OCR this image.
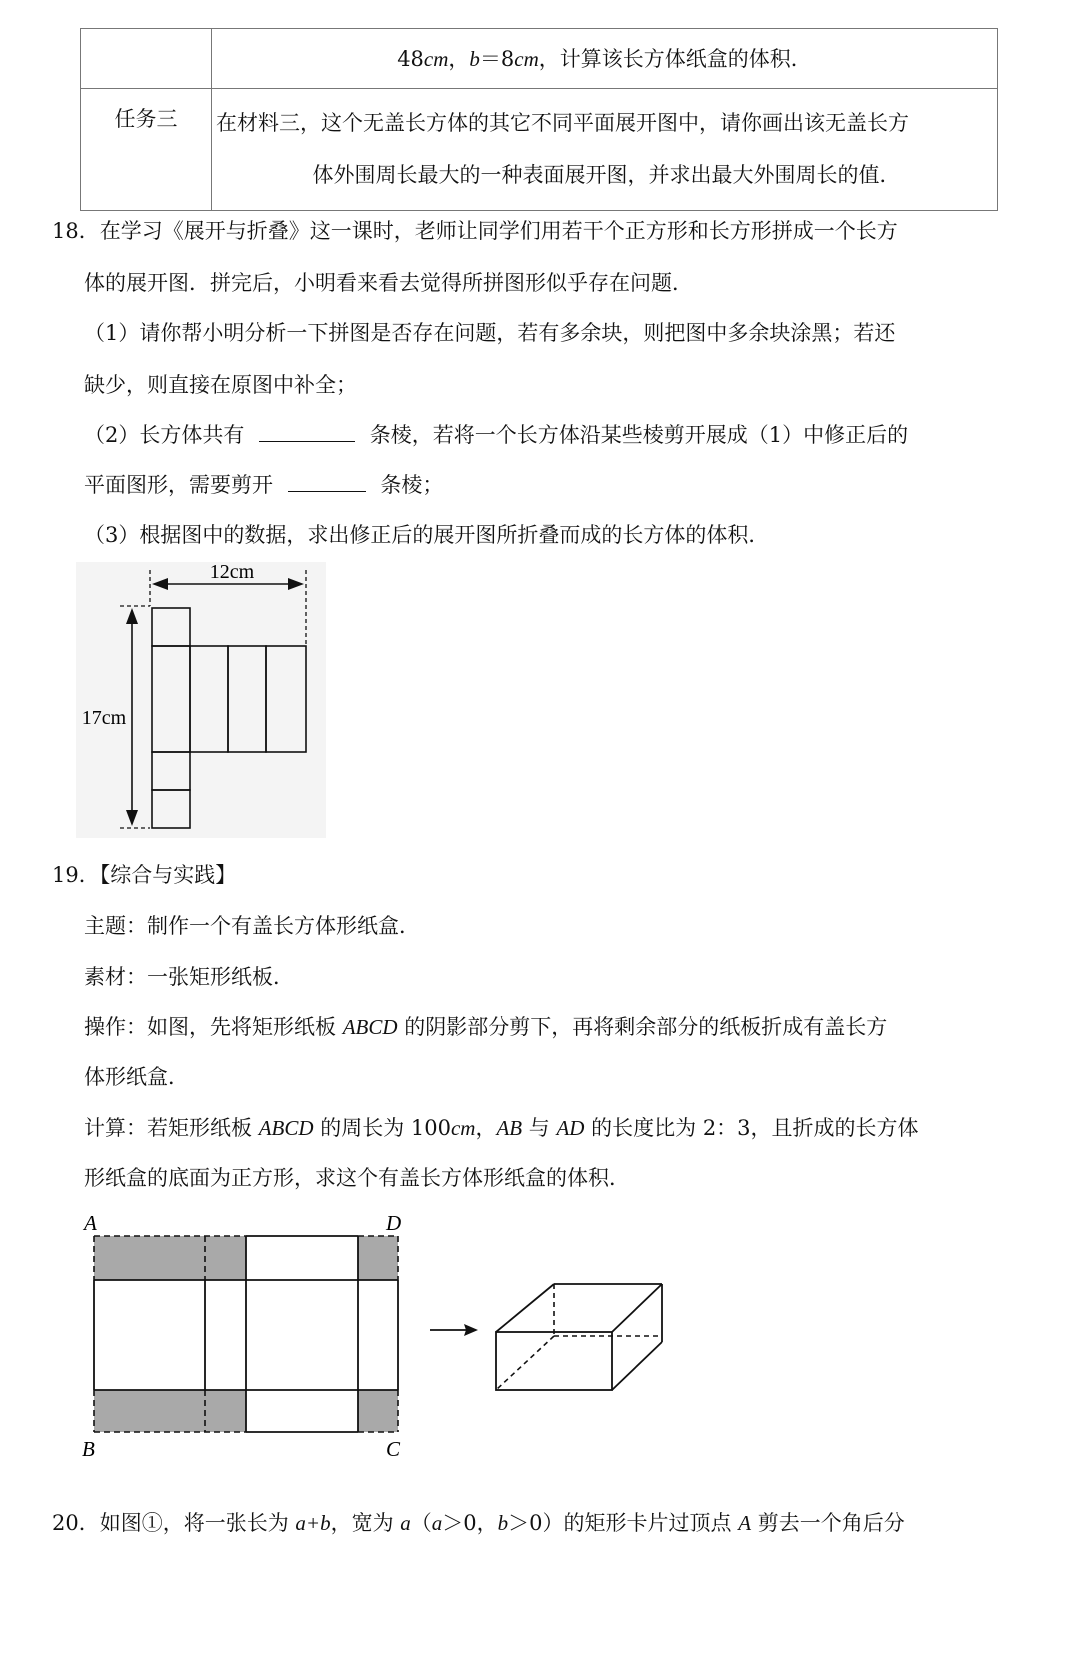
	48cm，b＝8cm，计算该长方体纸盒的体积．
任务三	在材料三，这个无盖长方体的其它不同平面展开图中，请你画出该无盖长方
体外围周长最大的一种表面展开图，并求出最大外围周长的值．
18．在学习《展开与折叠》这一课时，老师让同学们用若干个正方形和长方形拼成一个长方
体的展开图．拼完后，小明看来看去觉得所拼图形似乎存在问题．
（1）请你帮小明分析一下拼图是否存在问题，若有多余块，则把图中多余块涂黑；若还
缺少，则直接在原图中补全；
（2）长方体共有	条棱，若将一个长方体沿某些棱剪开展成（1）中修正后的
平面图形，需要剪开	条棱；
（3）根据图中的数据，求出修正后的展开图所折叠而成的长方体的体积．
12cm
17cm
19．【综合与实践】
主题：制作一个有盖长方体形纸盒．
素材：一张矩形纸板．
操作：如图，先将矩形纸板 ABCD 的阴影部分剪下，再将剩余部分的纸板折成有盖长方
体形纸盒．
计算：若矩形纸板 ABCD 的周长为 100cm，AB 与 AD 的长度比为 2：3，且折成的长方体
形纸盒的底面为正方形，求这个有盖长方体形纸盒的体积．
A	D
B	C
20．如图①，将一张长为 a+b，宽为 a（a＞0，b＞0）的矩形卡片过顶点 A 剪去一个角后分
